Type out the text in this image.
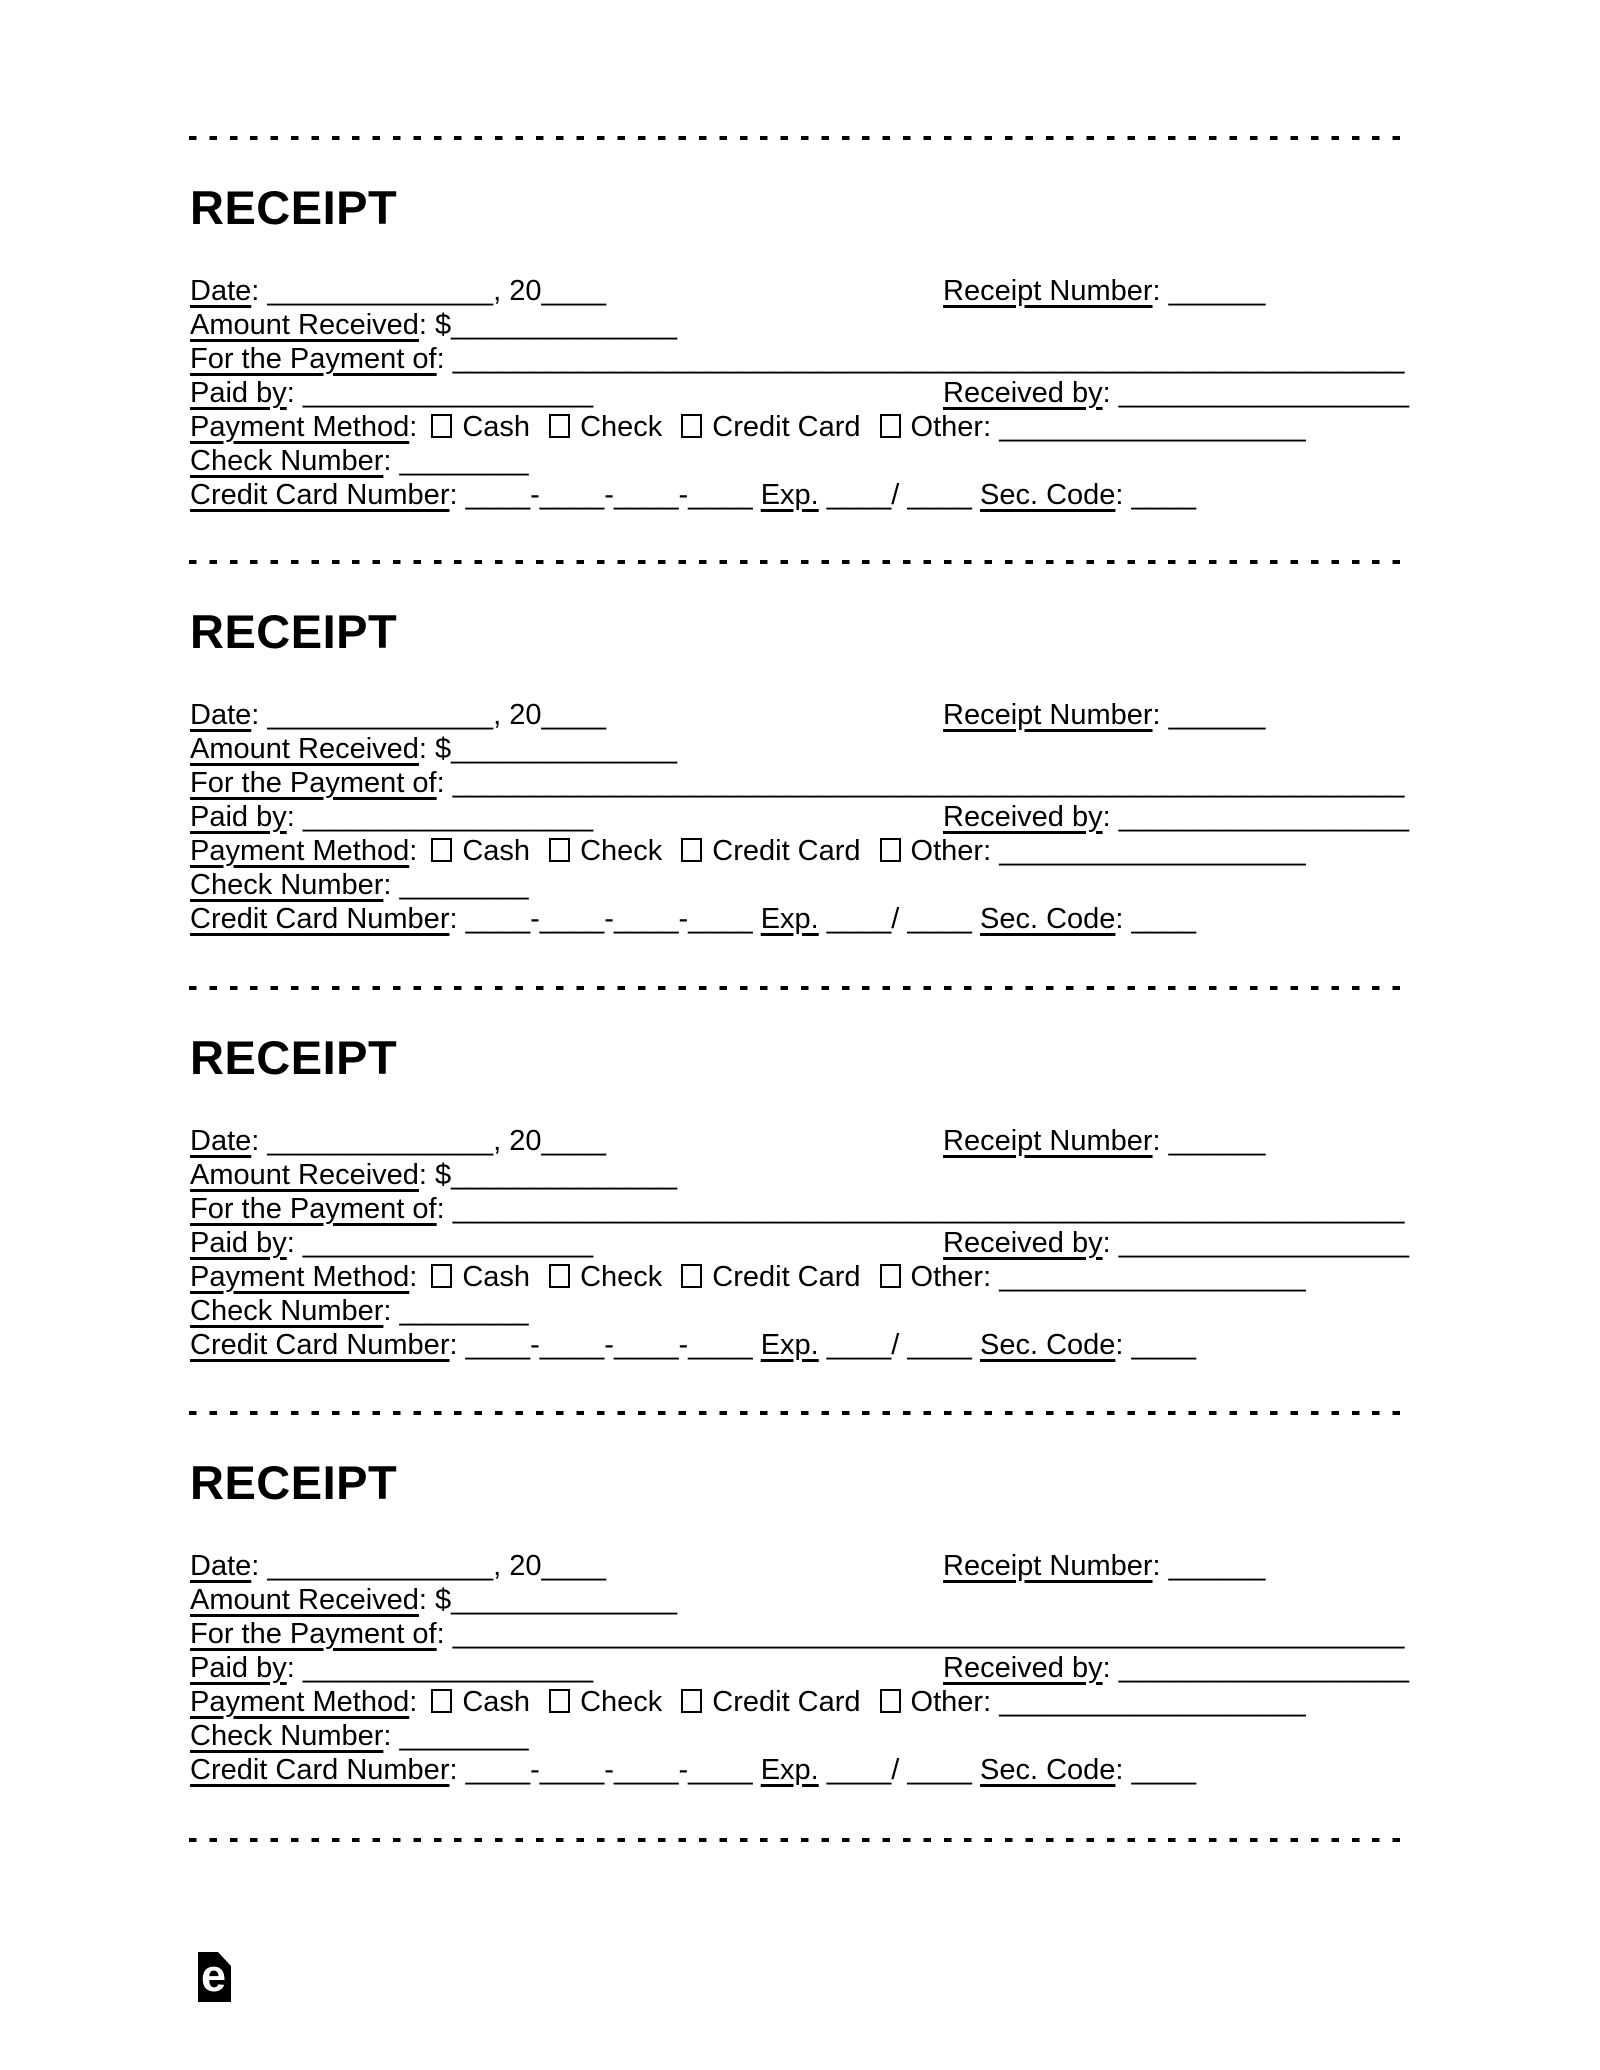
RECEIPT
Date: ______________, 20____	Receipt Number: ______
Amount Received: $______________
For the Payment of: ___________________________________________________________
Paid by: __________________	Received by: __________________
Payment Method: Cash Check Credit Card Other: ___________________
Check Number: ________
Credit Card Number: ____-____-____-____ Exp. ____/ ____ Sec. Code: ____
RECEIPT
Date: ______________, 20____	Receipt Number: ______
Amount Received: $______________
For the Payment of: ___________________________________________________________
Paid by: __________________	Received by: __________________
Payment Method: Cash Check Credit Card Other: ___________________
Check Number: ________
Credit Card Number: ____-____-____-____ Exp. ____/ ____ Sec. Code: ____
RECEIPT
Date: ______________, 20____	Receipt Number: ______
Amount Received: $______________
For the Payment of: ___________________________________________________________
Paid by: __________________	Received by: __________________
Payment Method: Cash Check Credit Card Other: ___________________
Check Number: ________
Credit Card Number: ____-____-____-____ Exp. ____/ ____ Sec. Code: ____
RECEIPT
Date: ______________, 20____	Receipt Number: ______
Amount Received: $______________
For the Payment of: ___________________________________________________________
Paid by: __________________	Received by: __________________
Payment Method: Cash Check Credit Card Other: ___________________
Check Number: ________
Credit Card Number: ____-____-____-____ Exp. ____/ ____ Sec. Code: ____
e
